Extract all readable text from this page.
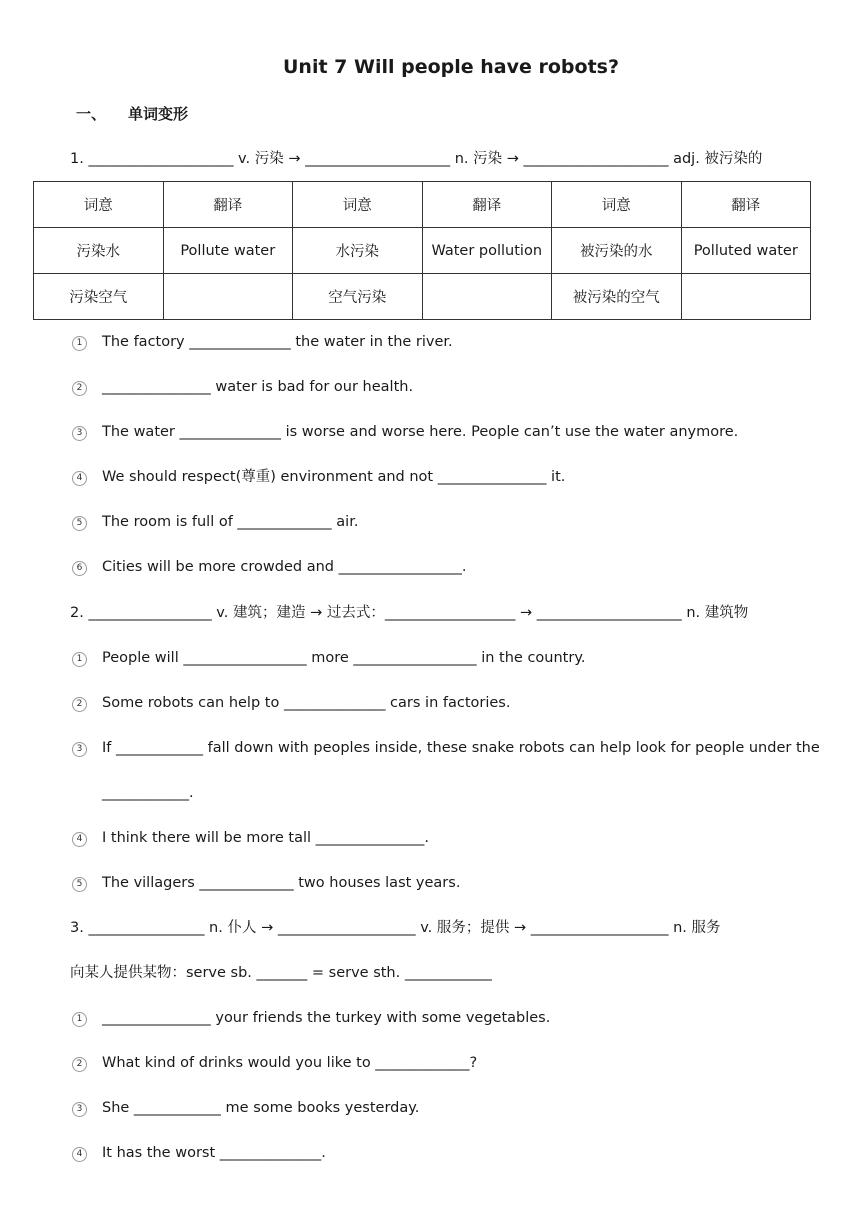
Unit 7 Will people have robots?
一、 单词变形
1. ____________________ v. 污染 → ____________________ n. 污染 → ____________________ adj. 被污染的
词意	翻译	词意	翻译	词意	翻译
污染水	Pollute water	水污染	Water pollution	被污染的水	Polluted water
污染空气		空气污染		被污染的空气	
1 The factory ______________ the water in the river.
2 _______________ water is bad for our health.
3 The water ______________ is worse and worse here. People can’t use the water anymore.
4 We should respect(尊重) environment and not _______________ it.
5 The room is full of _____________ air.
6 Cities will be more crowded and _________________.
2. _________________ v. 建筑；建造 → 过去式：__________________ → ____________________ n. 建筑物
1 People will _________________ more _________________ in the country.
2 Some robots can help to ______________ cars in factories.
3 If ____________ fall down with peoples inside, these snake robots can help look for people under the
____________.
4 I think there will be more tall _______________.
5 The villagers _____________ two houses last years.
3. ________________ n. 仆人 → ___________________ v. 服务；提供 → ___________________ n. 服务
向某人提供某物：serve sb. _______ = serve sth. ____________
1 _______________ your friends the turkey with some vegetables.
2 What kind of drinks would you like to _____________?
3 She ____________ me some books yesterday.
4 It has the worst ______________.
